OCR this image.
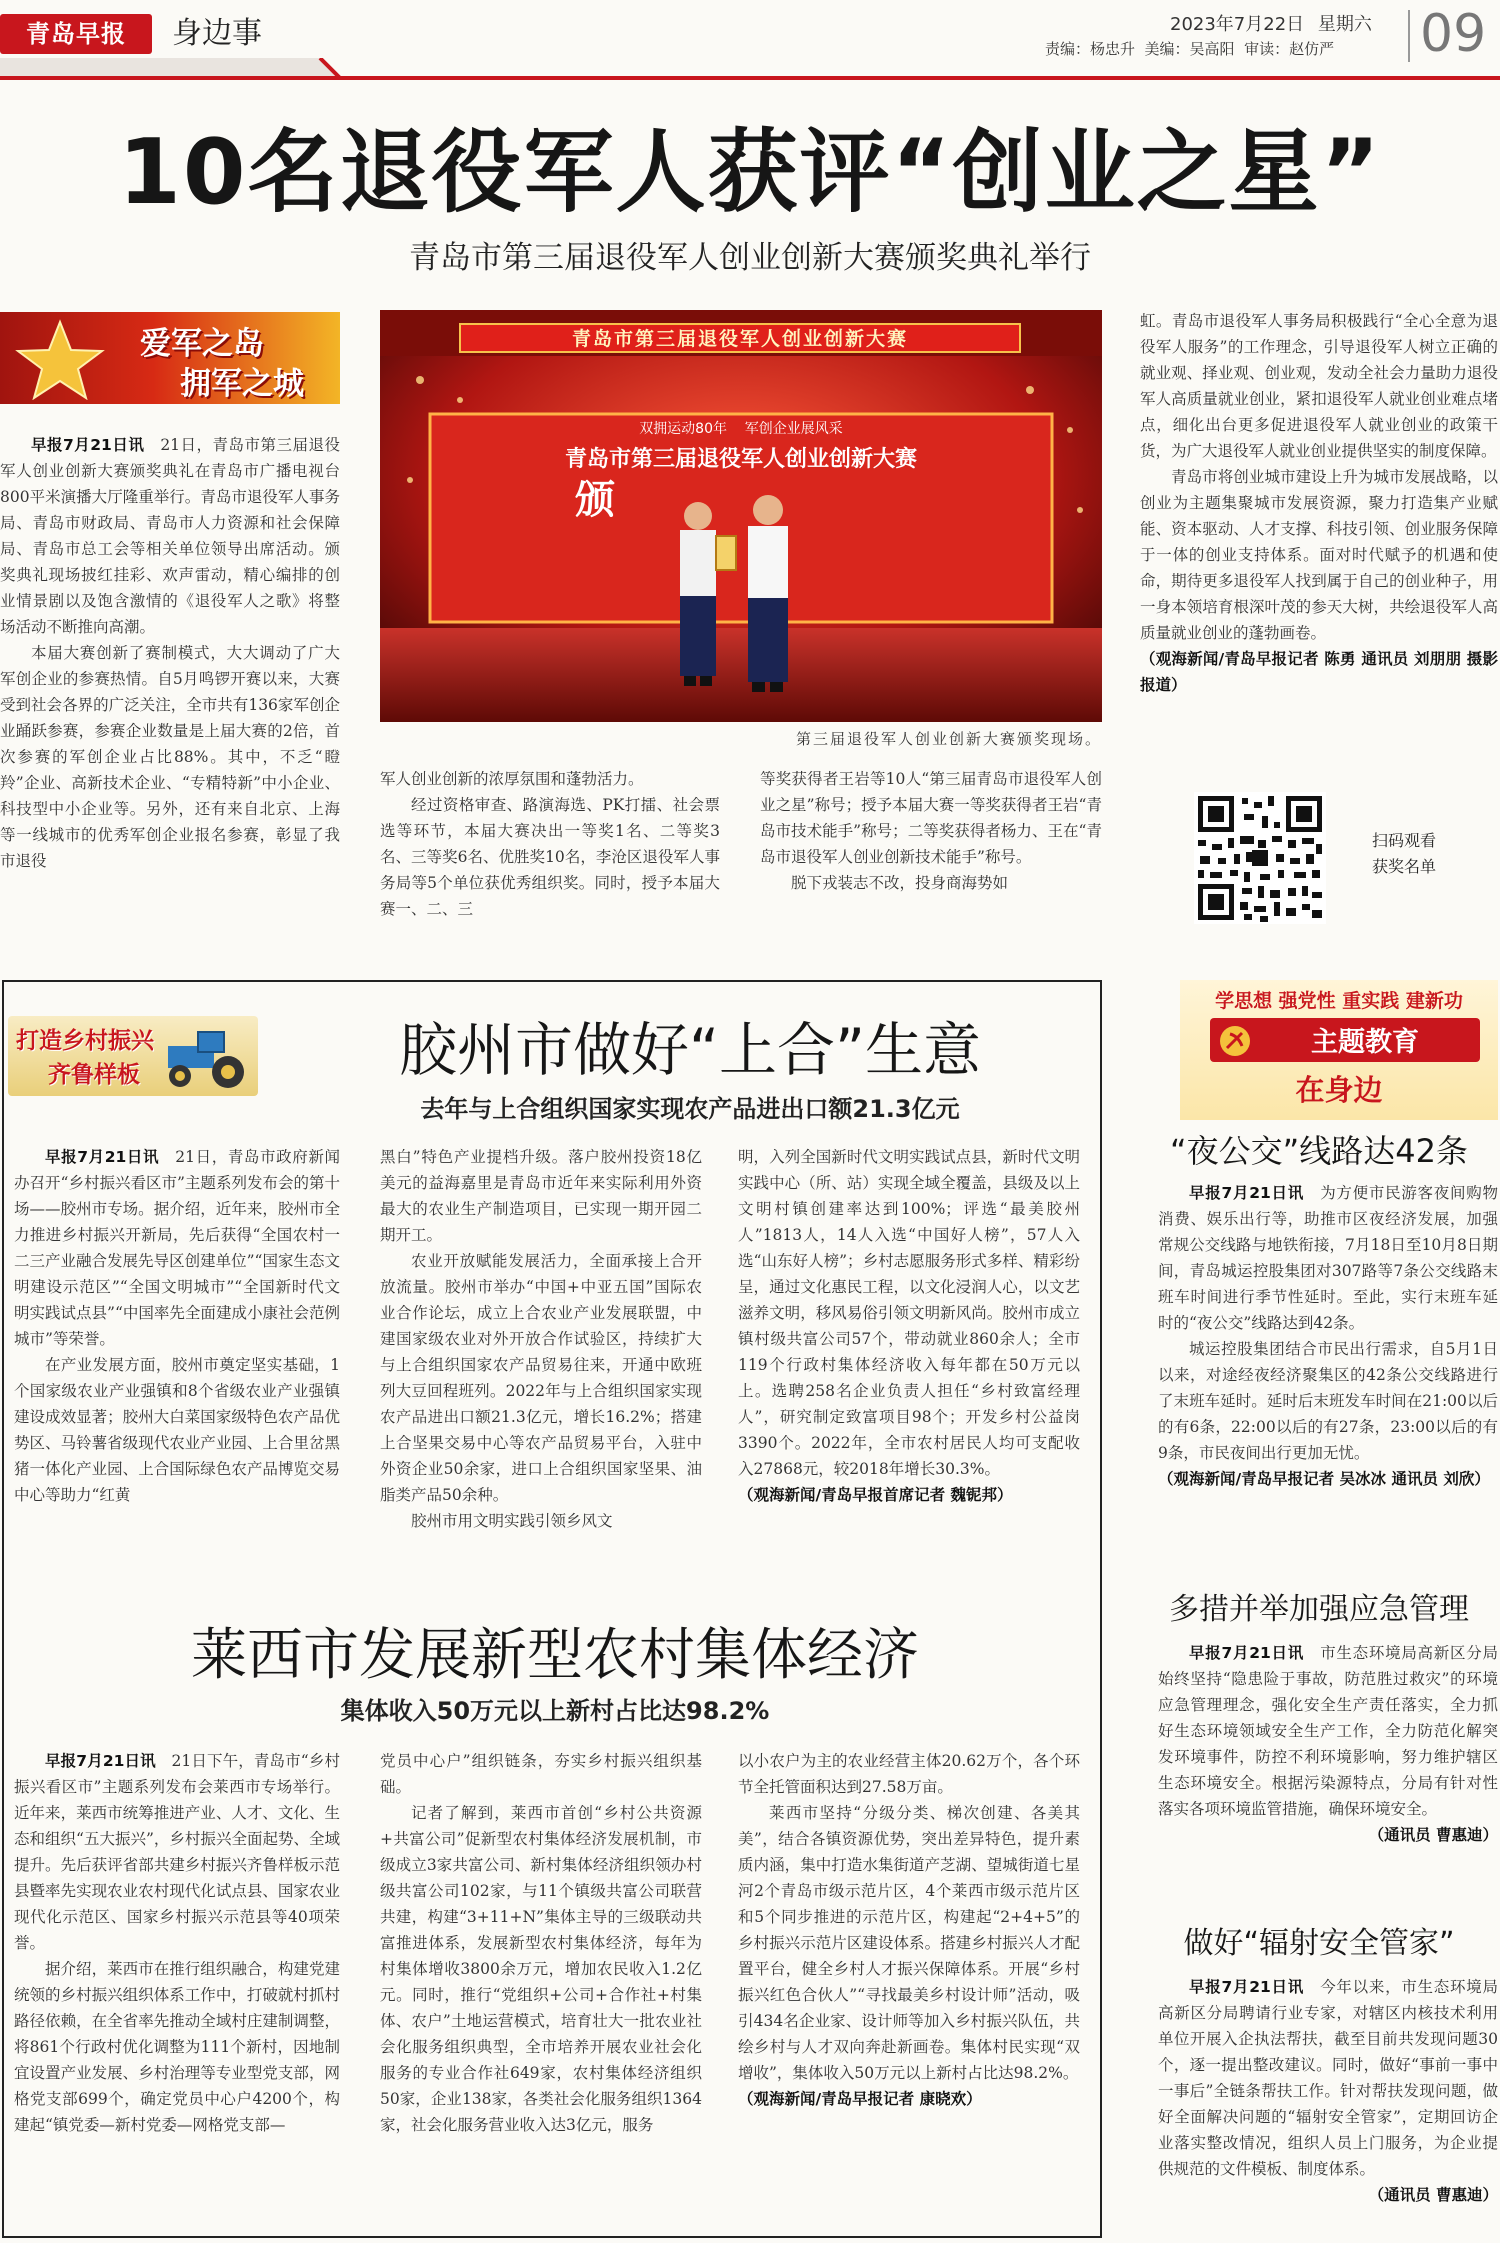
青岛早报	身边事	2023年7月22日 星期六
责编：杨忠升  美编：吴高阳  审读：赵仿严 09
10名退役军人获评“创业之星”
青岛市第三届退役军人创业创新大赛颁奖典礼举行
爱军之岛
拥军之城
青岛市第三届退役军人创业创新大赛
双拥运动80年    军创企业展风采
青岛市第三届退役军人创业创新大赛
颁
第三届退役军人创业创新大赛颁奖现场。

早报7月21日讯　 21日，青岛市第三届退役军人创业创新大赛颁奖典礼在青岛市广播电视台800平米演播大厅隆重举行。青岛市退役军人事务局、青岛市财政局、青岛市人力资源和社会保障局、青岛市总工会等相关单位领导出席活动。颁奖典礼现场披红挂彩、欢声雷动，精心编排的创业情景剧以及饱含激情的《退役军人之歌》将整场活动不断推向高潮。

本届大赛创新了赛制模式，大大调动了广大军创企业的参赛热情。自5月鸣锣开赛以来，大赛受到社会各界的广泛关注，全市共有136家军创企业踊跃参赛，参赛企业数量是上届大赛的2倍，首次参赛的军创企业占比88%。其中，不乏“瞪羚”企业、高新技术企业、“专精特新”中小企业、科技型中小企业等。另外，还有来自北京、上海等一线城市的优秀军创企业报名参赛，彰显了我市退役

军人创业创新的浓厚氛围和蓬勃活力。

经过资格审查、路演海选、PK打擂、社会票选等环节，本届大赛决出一等奖1名、二等奖3名、三等奖6名、优胜奖10名，李沧区退役军人事务局等5个单位获优秀组织奖。同时，授予本届大赛一、二、三

等奖获得者王岩等10人“第三届青岛市退役军人创业之星”称号；授予本届大赛一等奖获得者王岩“青岛市技术能手”称号；二等奖获得者杨力、王在“青岛市退役军人创业创新技术能手”称号。

脱下戎装志不改，投身商海势如

虹。青岛市退役军人事务局积极践行“全心全意为退役军人服务”的工作理念，引导退役军人树立正确的就业观、择业观、创业观，发动全社会力量助力退役军人高质量就业创业，紧扣退役军人就业创业难点堵点，细化出台更多促进退役军人就业创业的政策干货，为广大退役军人就业创业提供坚实的制度保障。

青岛市将创业城市建设上升为城市发展战略，以创业为主题集聚城市发展资源，聚力打造集产业赋能、资本驱动、人才支撑、科技引领、创业服务保障于一体的创业支持体系。面对时代赋予的机遇和使命，期待更多退役军人找到属于自己的创业种子，用一身本领培育根深叶茂的参天大树，共绘退役军人高质量就业创业的蓬勃画卷。

（观海新闻/青岛早报记者 陈勇 通讯员 刘朋朋 摄影报道）

扫码观看
获奖名单
打造乡村振兴
齐鲁样板	胶州市做好“上合”生意
去年与上合组织国家实现农产品进出口额21.3亿元

早报7月21日讯　 21日，青岛市政府新闻办召开“乡村振兴看区市”主题系列发布会的第十场——胶州市专场。据介绍，近年来，胶州市全力推进乡村振兴开新局，先后获得“全国农村一二三产业融合发展先导区创建单位”“国家生态文明建设示范区”“全国文明城市”“全国新时代文明实践试点县”“中国率先全面建成小康社会范例城市”等荣誉。

在产业发展方面，胶州市奠定坚实基础，1个国家级农业产业强镇和8个省级农业产业强镇建设成效显著；胶州大白菜国家级特色农产品优势区、马铃薯省级现代农业产业园、上合里岔黑猪一体化产业园、上合国际绿色农产品博览交易中心等助力“红黄

黑白”特色产业提档升级。落户胶州投资18亿美元的益海嘉里是青岛市近年来实际利用外资最大的农业生产制造项目，已实现一期开园二期开工。

农业开放赋能发展活力，全面承接上合开放流量。胶州市举办“中国+中亚五国”国际农业合作论坛，成立上合农业产业发展联盟，中建国家级农业对外开放合作试验区，持续扩大与上合组织国家农产品贸易往来，开通中欧班列大豆回程班列。2022年与上合组织国家实现农产品进出口额21.3亿元，增长16.2%；搭建上合坚果交易中心等农产品贸易平台，入驻中外资企业50余家，进口上合组织国家坚果、油脂类产品50余种。

胶州市用文明实践引领乡风文

明，入列全国新时代文明实践试点县，新时代文明实践中心（所、站）实现全域全覆盖，县级及以上文明村镇创建率达到100%；评选“最美胶州人”1813人，14人入选“中国好人榜”，57人入选“山东好人榜”；乡村志愿服务形式多样、精彩纷呈，通过文化惠民工程，以文化浸润人心，以文艺滋养文明，移风易俗引领文明新风尚。胶州市成立镇村级共富公司57个，带动就业860余人；全市119个行政村集体经济收入每年都在50万元以上。选聘258名企业负责人担任“乡村致富经理人”，研究制定致富项目98个；开发乡村公益岗3390个。2022年，全市农村居民人均可支配收入27868元，较2018年增长30.3%。

（观海新闻/青岛早报首席记者 魏铌邦）

莱西市发展新型农村集体经济
集体收入50万元以上新村占比达98.2%

早报7月21日讯　 21日下午，青岛市“乡村振兴看区市”主题系列发布会莱西市专场举行。近年来，莱西市统筹推进产业、人才、文化、生态和组织“五大振兴”，乡村振兴全面起势、全域提升。先后获评省部共建乡村振兴齐鲁样板示范县暨率先实现农业农村现代化试点县、国家农业现代化示范区、国家乡村振兴示范县等40项荣誉。

据介绍，莱西市在推行组织融合，构建党建统领的乡村振兴组织体系工作中，打破就村抓村路径依赖，在全省率先推动全域村庄建制调整，将861个行政村优化调整为111个新村，因地制宜设置产业发展、乡村治理等专业型党支部，网格党支部699个，确定党员中心户4200个，构建起“镇党委—新村党委—网格党支部—

党员中心户”组织链条，夯实乡村振兴组织基础。

记者了解到，莱西市首创“乡村公共资源+共富公司”促新型农村集体经济发展机制，市级成立3家共富公司、新村集体经济组织领办村级共富公司102家，与11个镇级共富公司联营共建，构建“3+11+N”集体主导的三级联动共富推进体系，发展新型农村集体经济，每年为村集体增收3800余万元，增加农民收入1.2亿元。同时，推行“党组织+公司+合作社+村集体、农户”土地运营模式，培育壮大一批农业社会化服务组织典型，全市培养开展农业社会化服务的专业合作社649家，农村集体经济组织50家，企业138家，各类社会化服务组织1364家，社会化服务营业收入达3亿元，服务

以小农户为主的农业经营主体20.62万个，各个环节全托管面积达到27.58万亩。

莱西市坚持“分级分类、梯次创建、各美其美”，结合各镇资源优势，突出差异特色，提升素质内涵，集中打造水集街道产芝湖、望城街道七星河2个青岛市级示范片区，4个莱西市级示范片区和5个同步推进的示范片区，构建起“2+4+5”的乡村振兴示范片区建设体系。搭建乡村振兴人才配置平台，健全乡村人才振兴保障体系。开展“乡村振兴红色合伙人”“寻找最美乡村设计师”活动，吸引434名企业家、设计师等加入乡村振兴队伍，共绘乡村与人才双向奔赴新画卷。集体村民实现“双增收”，集体收入50万元以上新村占比达98.2%。

（观海新闻/青岛早报记者 康晓欢）

学思想 强党性 重实践 建新功
主题教育
在身边
“夜公交”线路达42条

早报7月21日讯　 为方便市民游客夜间购物消费、娱乐出行等，助推市区夜经济发展，加强常规公交线路与地铁衔接，7月18日至10月8日期间，青岛城运控股集团对307路等7条公交线路末班车时间进行季节性延时。至此，实行末班车延时的“夜公交”线路达到42条。

城运控股集团结合市民出行需求，自5月1日以来，对途经夜经济聚集区的42条公交线路进行了末班车延时。延时后末班发车时间在21:00以后的有6条，22:00以后的有27条，23:00以后的有9条，市民夜间出行更加无忧。

（观海新闻/青岛早报记者 吴冰冰 通讯员 刘欣）

多措并举加强应急管理

早报7月21日讯　 市生态环境局高新区分局始终坚持“隐患险于事故，防范胜过救灾”的环境应急管理理念，强化安全生产责任落实，全力抓好生态环境领域安全生产工作，全力防范化解突发环境事件，防控不利环境影响，努力维护辖区生态环境安全。根据污染源特点，分局有针对性落实各项环境监管措施，确保环境安全。

（通讯员 曹惠迪）

做好“辐射安全管家”

早报7月21日讯　 今年以来，市生态环境局高新区分局聘请行业专家，对辖区内核技术利用单位开展入企执法帮扶，截至目前共发现问题30个，逐一提出整改建议。同时，做好“事前一事中一事后”全链条帮扶工作。针对帮扶发现问题，做好全面解决问题的“辐射安全管家”，定期回访企业落实整改情况，组织人员上门服务，为企业提供规范的文件模板、制度体系。

（通讯员 曹惠迪）
